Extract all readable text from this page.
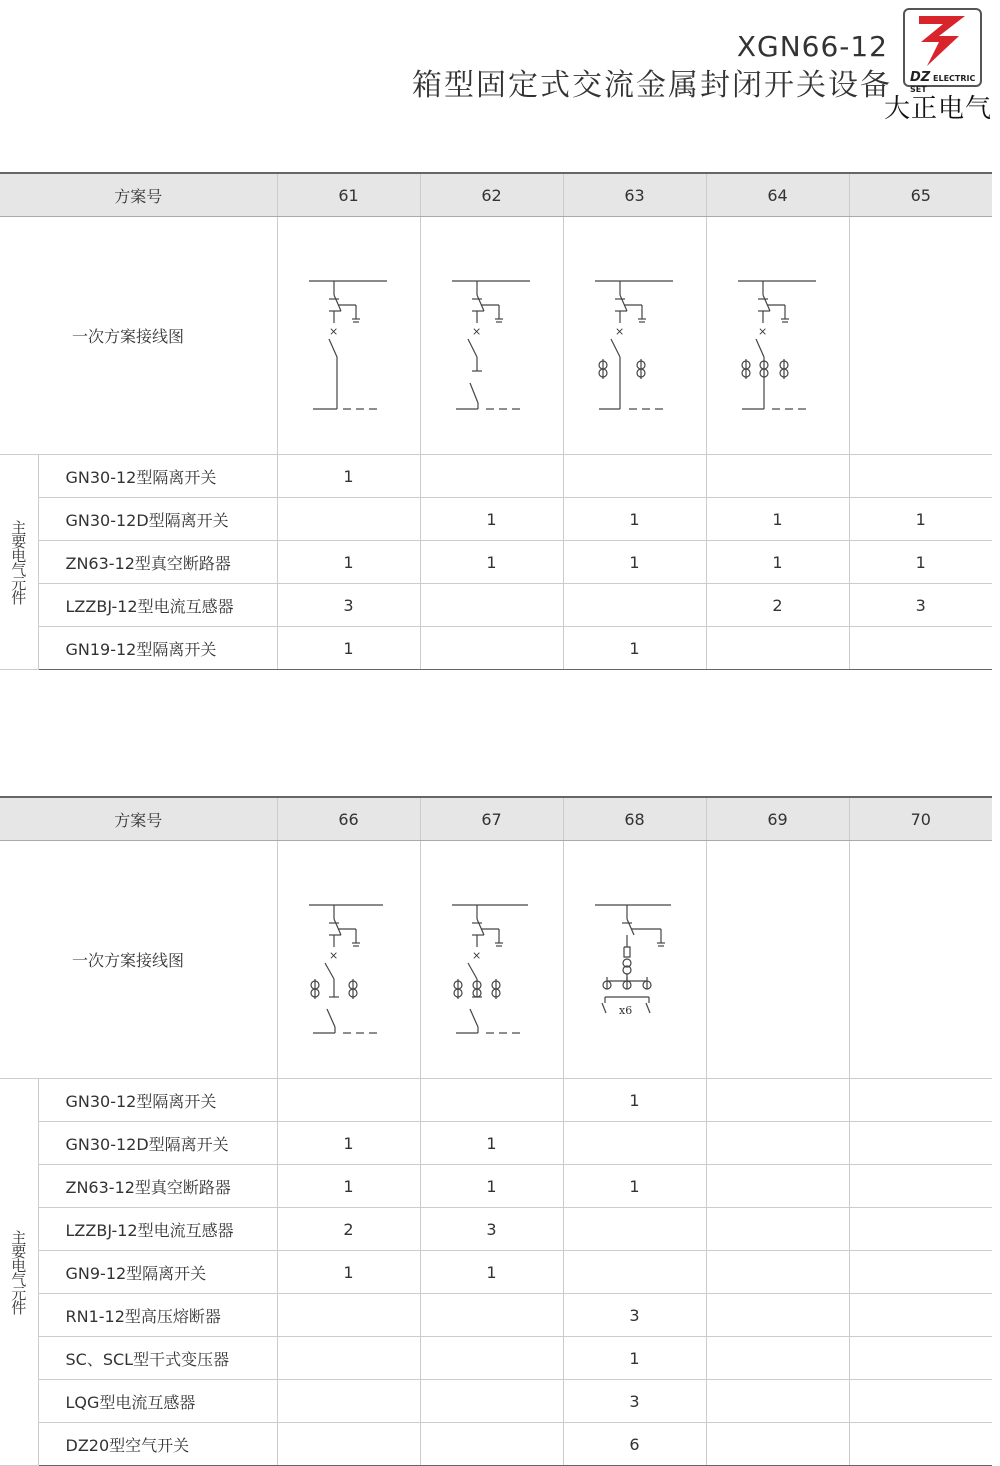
XGN66-12
箱型固定式交流金属封闭开关设备 DZ ELECTRIC SET
大正电气
方案号		61	62	63	64	65
一次方案接线图		×	×	×	×	

主要电气元件	GN30-12型隔离开关	1				
	GN30-12D型隔离开关		1	1	1	1
	ZN63-12型真空断路器	1	1	1	1	1
	LZZBJ-12型电流互感器	3			2	3
	GN19-12型隔离开关	1		1		
方案号		66	67	68	69	70
一次方案接线图		×	×	x6		

主要电气元件	GN30-12型隔离开关			1		
	GN30-12D型隔离开关	1	1			
	ZN63-12型真空断路器	1	1	1		
	LZZBJ-12型电流互感器	2	3			
	GN9-12型隔离开关	1	1			
	RN1-12型高压熔断器			3		
	SC、SCL型干式变压器			1		
	LQG型电流互感器			3		
	DZ20型空气开关			6		
